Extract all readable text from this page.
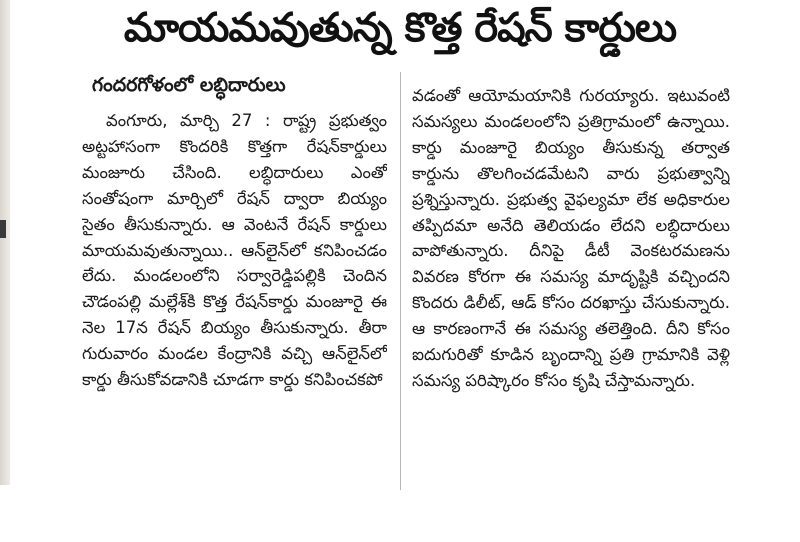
మాయమవుతున్న కొత్త రేషన్ కార్డులు
గందరగోళంలో లబ్ధిదారులు

వంగూరు, మార్చి 27 : రాష్ట్ర ప్రభుత్వం అట్టహాసంగా కొందరికి కొత్తగా రేషన్‌కార్డులు మంజూరు చేసింది. లబ్ధిదారులు ఎంతో సంతోషంగా మార్చిలో రేషన్ ద్వారా బియ్యం సైతం తీసుకున్నారు. ఆ వెంటనే రేషన్ కార్డులు మాయమవుతున్నాయి.. ఆన్‌లైన్‌లో కనిపించడం లేదు. మండలంలోని సర్వారెడ్డిపల్లికి చెందిన చౌడంపల్లి మల్లేశ్‌కి కొత్త రేషన్‌కార్డు మంజూరై ఈ నెల 17న రేషన్ బియ్యం తీసుకున్నారు. తీరా గురువారం మండల కేంద్రానికి వచ్చి ఆన్‌లైన్‌లో కార్డు తీసుకోవడానికి చూడగా కార్డు కనిపించకపో

వడంతో ఆయోమయానికి గురయ్యారు. ఇటువంటి సమస్యలు మండలంలోని ప్రతిగ్రామంలో ఉన్నాయి. కార్డు మంజూరై బియ్యం తీసుకున్న తర్వాత కార్డును తొలగించడమేటని వారు ప్రభుత్వాన్ని ప్రశ్నిస్తున్నారు. ప్రభుత్వ వైఫల్యమా లేక అధికారుల తప్పిదమా అనేది తెలియడం లేదని లబ్ధిదారులు వాపోతున్నారు. దీనిపై డీటీ వెంకటరమణను వివరణ కోరగా ఈ సమస్య మాదృష్టికి వచ్చిందని కొందరు డిలీట్, ఆడ్ కోసం దరఖాస్తు చేసుకున్నారు. ఆ కారణంగానే ఈ సమస్య తలెత్తింది. దీని కోసం ఐదుగురితో కూడిన బృందాన్ని ప్రతి గ్రామానికి వెళ్లి సమస్య పరిష్కారం కోసం కృషి చేస్తామన్నారు.
